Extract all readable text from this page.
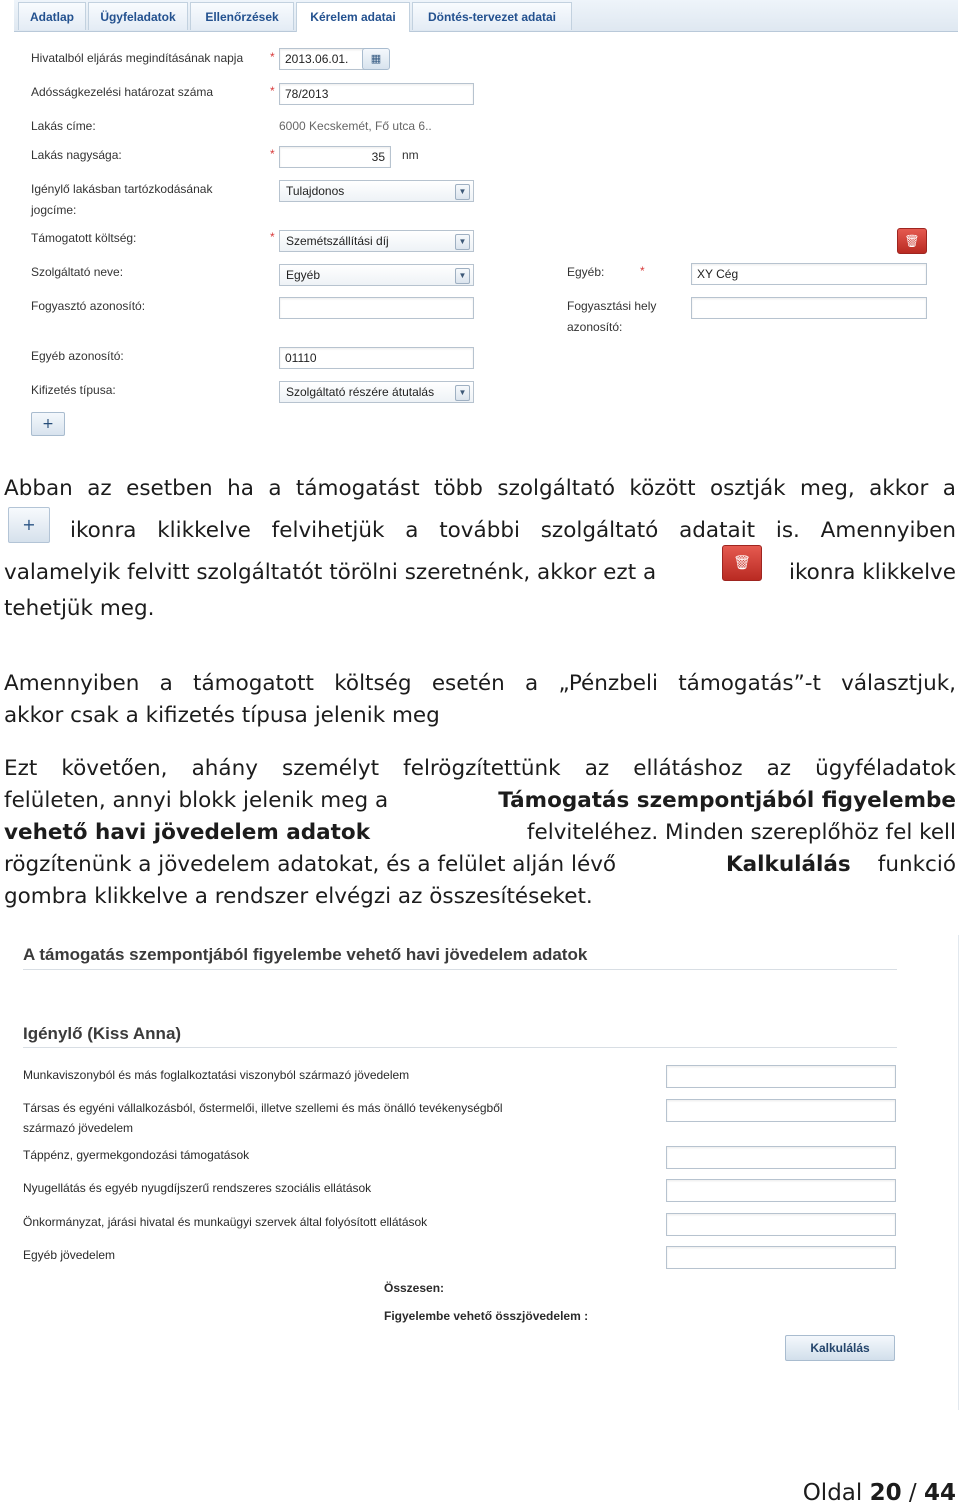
Adatlap	Ügyfeladatok	Ellenőrzések	Kérelem adatai	Döntés-tervezet adatai
Hivatalból eljárás megindításának napja * 2013.06.01.	▦
Adósságkezelési határozat száma	* 78/2013
Lakás címe:	6000 Kecskemét, Fő utca 6..
Lakás nagysága:	*	35	nm
Igénylő lakásban tartózkodásának
jogcíme:
Tulajdonos	▼
Támogatott költség:	* Szemétszállítási díj	▼	🗑
Szolgáltató neve:	Egyéb	▼	Egyéb:	*	XY Cég
Fogyasztó azonosító:	Fogyasztási hely
azonosító:
Egyéb azonosító:	01110
Kifizetés típusa:	Szolgáltató részére átutalás	▼
+
Abban az esetben ha a támogatást több szolgáltató között osztják meg, akkor a
+	ikonra klikkelve felvihetjük a további szolgáltató adatait is. Amennyiben
valamelyik felvitt szolgáltatót törölni szeretnénk, akkor ezt a	🗑	ikonra klikkelve
tehetjük meg.
Amennyiben a támogatott költség esetén a „Pénzbeli támogatás”-t választjuk,
akkor csak a kifizetés típusa jelenik meg
Ezt követően, ahány személyt felrögzítettünk az ellátáshoz az ügyféladatok
felületen, annyi blokk jelenik meg a	Támogatás szempontjából figyelembe
vehető havi jövedelem adatok	felviteléhez. Minden szereplőhöz fel kell
rögzítenünk a jövedelem adatokat, és a felület alján lévő	Kalkulálás funkció
gombra klikkelve a rendszer elvégzi az összesítéseket.
A támogatás szempontjából figyelembe vehető havi jövedelem adatok
Igénylő (Kiss Anna)
Munkaviszonyból és más foglalkoztatási viszonyból származó jövedelem
Társas és egyéni vállalkozásból, őstermelői, illetve szellemi és más önálló tevékenységből
származó jövedelem
Táppénz, gyermekgondozási támogatások
Nyugellátás és egyéb nyugdíjszerű rendszeres szociális ellátások
Önkormányzat, járási hivatal és munkaügyi szervek által folyósított ellátások
Egyéb jövedelem
Összesen:
Figyelembe vehető összjövedelem :
Kalkulálás
Oldal 20 / 44
